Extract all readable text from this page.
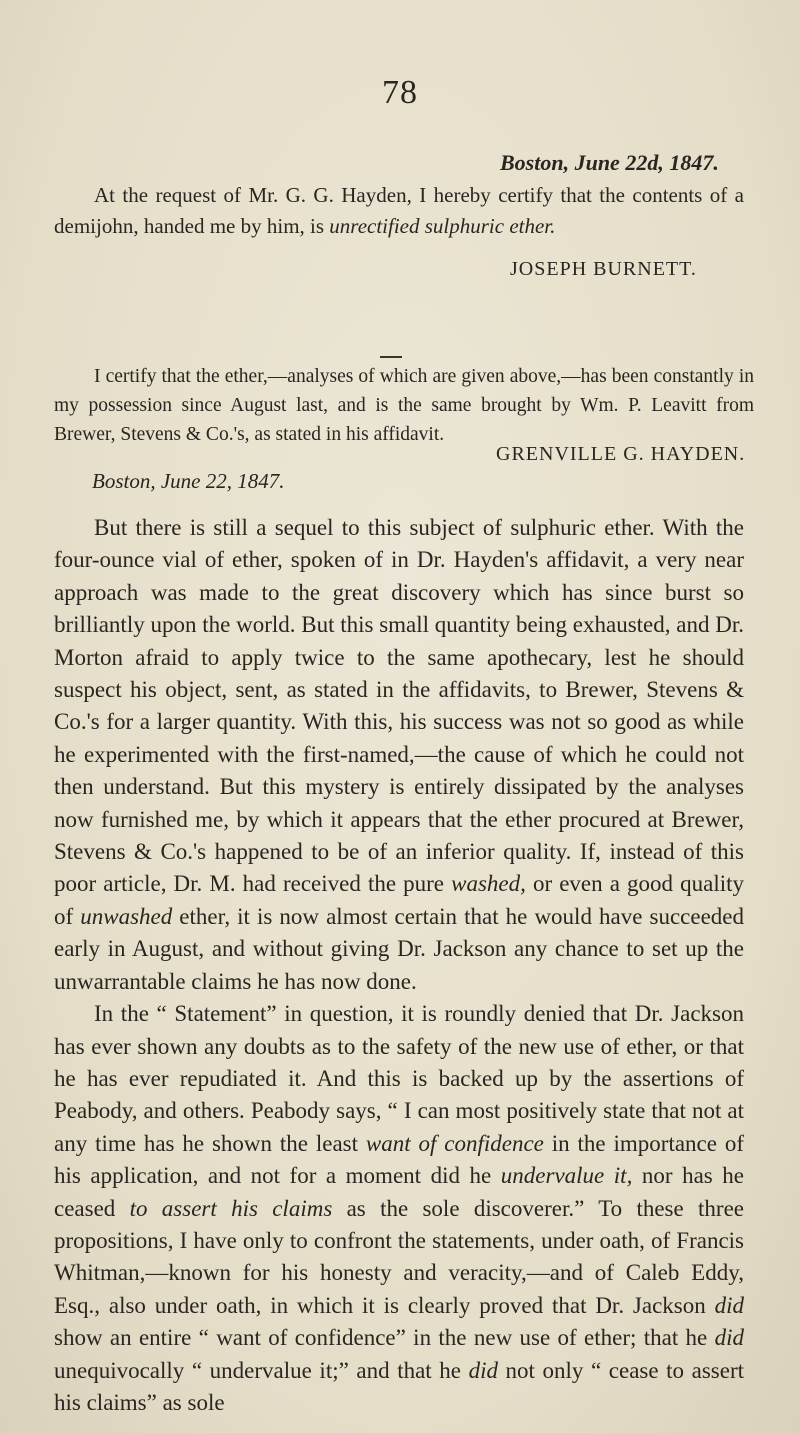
78
Boston, June 22d, 1847.

At the request of Mr. G. G. Hayden, I hereby certify that the contents of a demijohn, handed me by him, is unrectified sulphuric ether.

JOSEPH BURNETT.

I certify that the ether,—analyses of which are given above,—has been constantly in my possession since August last, and is the same brought by Wm. P. Leavitt from Brewer, Stevens & Co.'s, as stated in his affidavit.

GRENVILLE G. HAYDEN.
Boston, June 22, 1847.

But there is still a sequel to this subject of sulphuric ether. With the four-ounce vial of ether, spoken of in Dr. Hayden's affidavit, a very near approach was made to the great discovery which has since burst so brilliantly upon the world. But this small quantity being exhausted, and Dr. Morton afraid to apply twice to the same apothecary, lest he should suspect his object, sent, as stated in the affidavits, to Brewer, Stevens & Co.'s for a larger quantity. With this, his success was not so good as while he experimented with the first-named,—the cause of which he could not then understand. But this mystery is entirely dissipated by the analyses now furnished me, by which it appears that the ether procured at Brewer, Stevens & Co.'s happened to be of an inferior quality. If, instead of this poor article, Dr. M. had received the pure washed, or even a good quality of unwashed ether, it is now almost certain that he would have succeeded early in August, and without giving Dr. Jackson any chance to set up the unwarrantable claims he has now done.

In the “ Statement” in question, it is roundly denied that Dr. Jackson has ever shown any doubts as to the safety of the new use of ether, or that he has ever repudiated it. And this is backed up by the assertions of Peabody, and others. Peabody says, “ I can most positively state that not at any time has he shown the least want of confidence in the importance of his application, and not for a moment did he undervalue it, nor has he ceased to assert his claims as the sole discoverer.” To these three propositions, I have only to confront the statements, under oath, of Francis Whitman,—known for his honesty and veracity,—and of Caleb Eddy, Esq., also under oath, in which it is clearly proved that Dr. Jackson did show an entire “ want of confidence” in the new use of ether; that he did unequivocally “ undervalue it;” and that he did not only “ cease to assert his claims” as sole
